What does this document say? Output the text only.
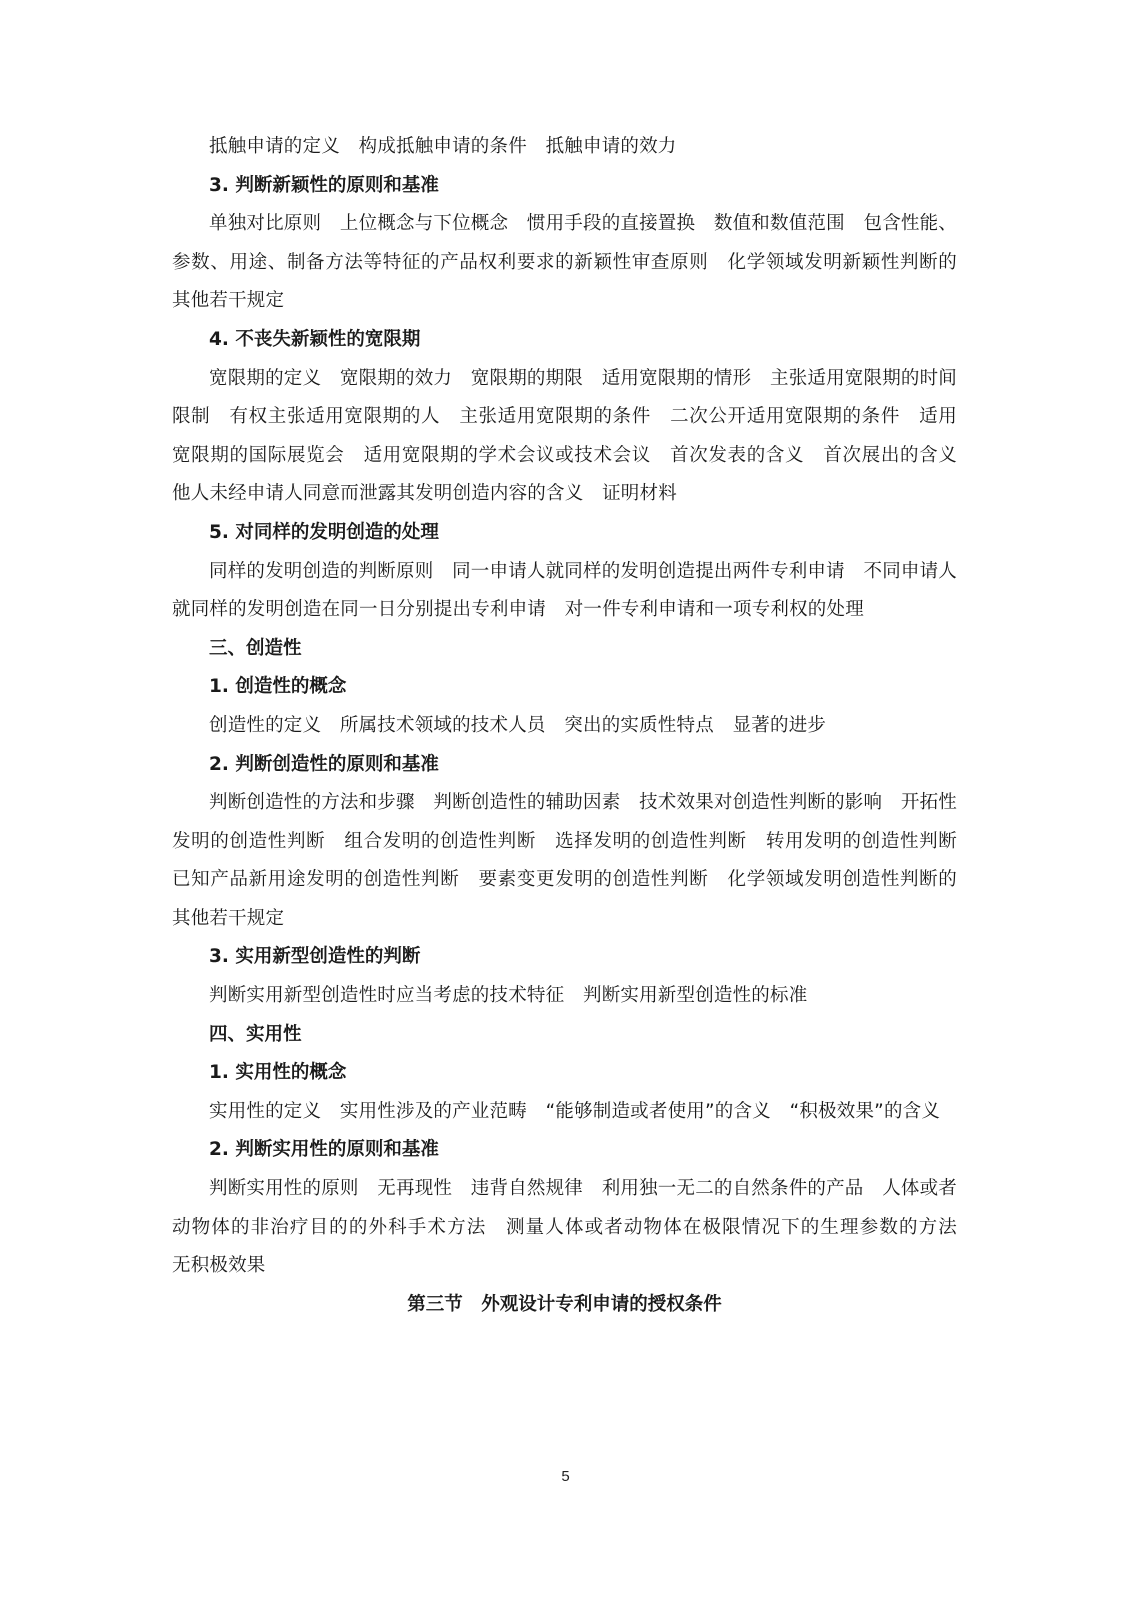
抵触申请的定义　构成抵触申请的条件　抵触申请的效力

3. 判断新颖性的原则和基准

单独对比原则　上位概念与下位概念　惯用手段的直接置换　数值和数值范围　包含性能、参数、用途、制备方法等特征的产品权利要求的新颖性审查原则　化学领域发明新颖性判断的其他若干规定

4. 不丧失新颖性的宽限期

宽限期的定义　宽限期的效力　宽限期的期限　适用宽限期的情形　主张适用宽限期的时间限制　有权主张适用宽限期的人　主张适用宽限期的条件　二次公开适用宽限期的条件　适用宽限期的国际展览会　适用宽限期的学术会议或技术会议　首次发表的含义　首次展出的含义　他人未经申请人同意而泄露其发明创造内容的含义　证明材料

5. 对同样的发明创造的处理

同样的发明创造的判断原则　同一申请人就同样的发明创造提出两件专利申请　不同申请人就同样的发明创造在同一日分别提出专利申请　对一件专利申请和一项专利权的处理

三、创造性

1. 创造性的概念

创造性的定义　所属技术领域的技术人员　突出的实质性特点　显著的进步

2. 判断创造性的原则和基准

判断创造性的方法和步骤　判断创造性的辅助因素　技术效果对创造性判断的影响　开拓性发明的创造性判断　组合发明的创造性判断　选择发明的创造性判断　转用发明的创造性判断　已知产品新用途发明的创造性判断　要素变更发明的创造性判断　化学领域发明创造性判断的其他若干规定

3. 实用新型创造性的判断

判断实用新型创造性时应当考虑的技术特征　判断实用新型创造性的标准

四、实用性

1. 实用性的概念

实用性的定义　实用性涉及的产业范畴　“能够制造或者使用”的含义　“积极效果”的含义

2. 判断实用性的原则和基准

判断实用性的原则　无再现性　违背自然规律　利用独一无二的自然条件的产品　人体或者动物体的非治疗目的的外科手术方法　测量人体或者动物体在极限情况下的生理参数的方法　无积极效果

第三节　外观设计专利申请的授权条件

5
